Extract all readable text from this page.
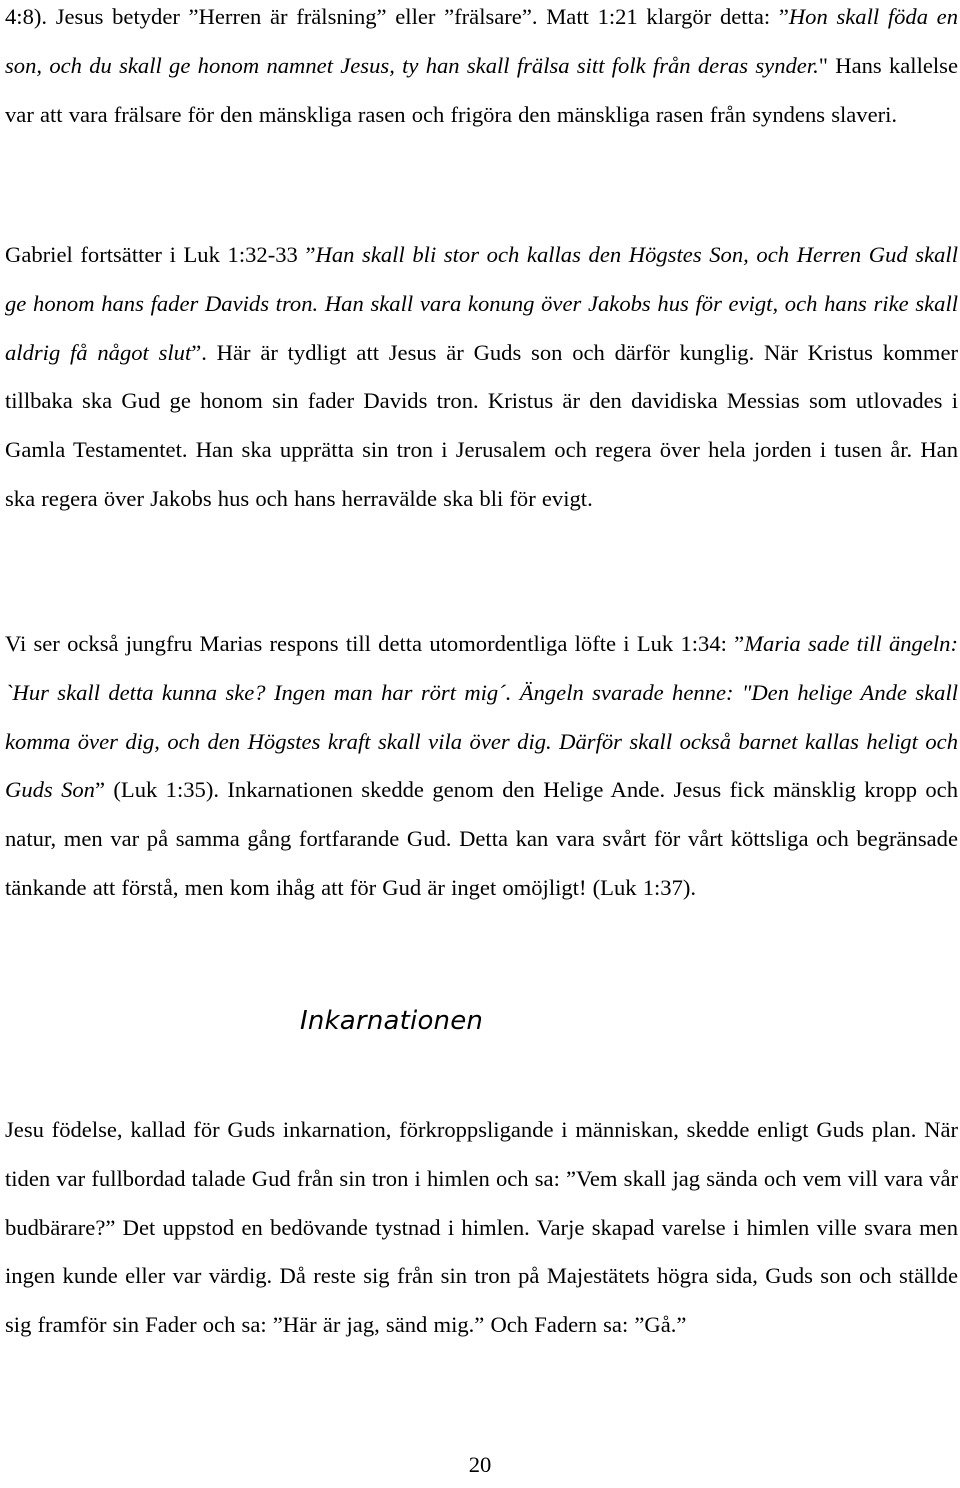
4:8). Jesus betyder ”Herren är frälsning” eller ”frälsare”. Matt 1:21 klargör detta: ”Hon skall föda en son, och du skall ge honom namnet Jesus, ty han skall frälsa sitt folk från deras synder." Hans kallelse var att vara frälsare för den mänskliga rasen och frigöra den mänskliga rasen från syndens slaveri.

Gabriel fortsätter i Luk 1:32-33 ”Han skall bli stor och kallas den Högstes Son, och Herren Gud skall ge honom hans fader Davids tron. Han skall vara konung över Jakobs hus för evigt, och hans rike skall aldrig få något slut”. Här är tydligt att Jesus är Guds son och därför kunglig. När Kristus kommer tillbaka ska Gud ge honom sin fader Davids tron. Kristus är den davidiska Messias som utlovades i Gamla Testamentet. Han ska upprätta sin tron i Jerusalem och regera över hela jorden i tusen år. Han ska regera över Jakobs hus och hans herravälde ska bli för evigt.

Vi ser också jungfru Marias respons till detta utomordentliga löfte i Luk 1:34: ”Maria sade till ängeln: `Hur skall detta kunna ske? Ingen man har rört mig´. Ängeln svarade henne: "Den helige Ande skall komma över dig, och den Högstes kraft skall vila över dig. Därför skall också barnet kallas heligt och Guds Son” (Luk 1:35). Inkarnationen skedde genom den Helige Ande. Jesus fick mänsklig kropp och natur, men var på samma gång fortfarande Gud. Detta kan vara svårt för vårt köttsliga och begränsade tänkande att förstå, men kom ihåg att för Gud är inget omöjligt! (Luk 1:37).

Inkarnationen

Jesu födelse, kallad för Guds inkarnation, förkroppsligande i människan, skedde enligt Guds plan. När tiden var fullbordad talade Gud från sin tron i himlen och sa: ”Vem skall jag sända och vem vill vara vår budbärare?” Det uppstod en bedövande tystnad i himlen. Varje skapad varelse i himlen ville svara men ingen kunde eller var värdig. Då reste sig från sin tron på Majestätets högra sida, Guds son och ställde sig framför sin Fader och sa: ”Här är jag, sänd mig.” Och Fadern sa: ”Gå.”

20
